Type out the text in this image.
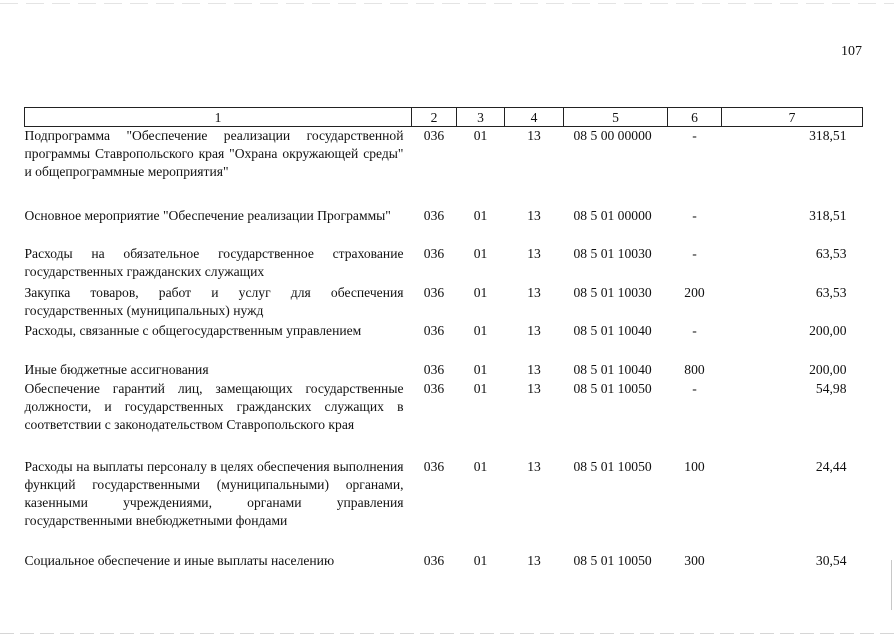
107
1	2	3	4	5	6	7
Подпрограмма "Обеспечение реализации государственной программы Ставропольского края "Охрана окружающей среды" и общепрограммные мероприятия"	036	01	13	08 5 00 00000	-	318,51
Основное мероприятие "Обеспечение реализации Программы"	036	01	13	08 5 01 00000	-	318,51
Расходы на обязательное государственное страхование государственных гражданских служащих	036	01	13	08 5 01 10030	-	63,53
Закупка товаров, работ и услуг для обеспечения государственных (муниципальных) нужд	036	01	13	08 5 01 10030	200	63,53
Расходы, связанные с общегосударственным управлением	036	01	13	08 5 01 10040	-	200,00
Иные бюджетные ассигнования	036	01	13	08 5 01 10040	800	200,00
Обеспечение гарантий лиц, замещающих государственные должности, и государственных гражданских служащих в соответствии с законодательством Ставропольского края	036	01	13	08 5 01 10050	-	54,98
Расходы на выплаты персоналу в целях обеспечения выполнения функций государственными (муниципальными) органами, казенными учреждениями, органами управления государственными внебюджетными фондами	036	01	13	08 5 01 10050	100	24,44
Социальное обеспечение и иные выплаты населению	036	01	13	08 5 01 10050	300	30,54
